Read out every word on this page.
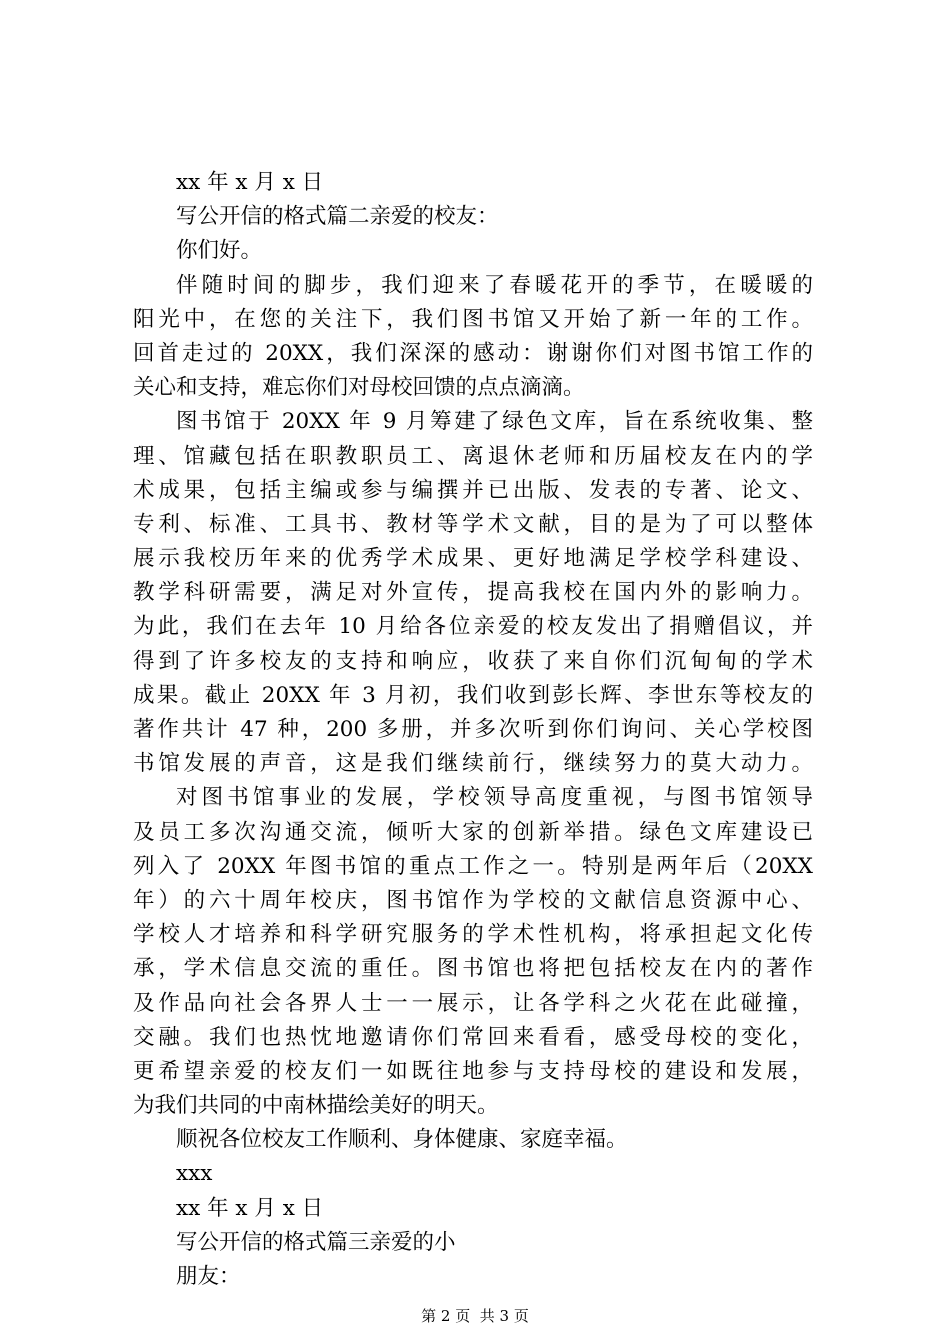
xx 年 x 月 x 日
写公开信的格式篇二亲爱的校友：
你们好。
伴随时间的脚步，我们迎来了春暖花开的季节，在暖暖的
阳光中，在您的关注下，我们图书馆又开始了新一年的工作。
回首走过的 20XX，我们深深的感动：谢谢你们对图书馆工作的
关心和支持，难忘你们对母校回馈的点点滴滴。
图书馆于 20XX 年 9 月筹建了绿色文库，旨在系统收集、整
理、馆藏包括在职教职员工、离退休老师和历届校友在内的学
术成果，包括主编或参与编撰并已出版、发表的专著、论文、
专利、标准、工具书、教材等学术文献，目的是为了可以整体
展示我校历年来的优秀学术成果、更好地满足学校学科建设、
教学科研需要，满足对外宣传，提高我校在国内外的影响力。
为此，我们在去年 10 月给各位亲爱的校友发出了捐赠倡议，并
得到了许多校友的支持和响应，收获了来自你们沉甸甸的学术
成果。截止 20XX 年 3 月初，我们收到彭长辉、李世东等校友的
著作共计 47 种，200 多册，并多次听到你们询问、关心学校图
书馆发展的声音，这是我们继续前行，继续努力的莫大动力。
对图书馆事业的发展，学校领导高度重视，与图书馆领导
及员工多次沟通交流，倾听大家的创新举措。绿色文库建设已
列入了 20XX 年图书馆的重点工作之一。特别是两年后（20XX
年）的六十周年校庆，图书馆作为学校的文献信息资源中心、
学校人才培养和科学研究服务的学术性机构，将承担起文化传
承，学术信息交流的重任。图书馆也将把包括校友在内的著作
及作品向社会各界人士一一展示，让各学科之火花在此碰撞，
交融。我们也热忱地邀请你们常回来看看，感受母校的变化，
更希望亲爱的校友们一如既往地参与支持母校的建设和发展，
为我们共同的中南林描绘美好的明天。
顺祝各位校友工作顺利、身体健康、家庭幸福。
xxx
xx 年 x 月 x 日
写公开信的格式篇三亲爱的小
朋友：
第 2 页  共 3 页
